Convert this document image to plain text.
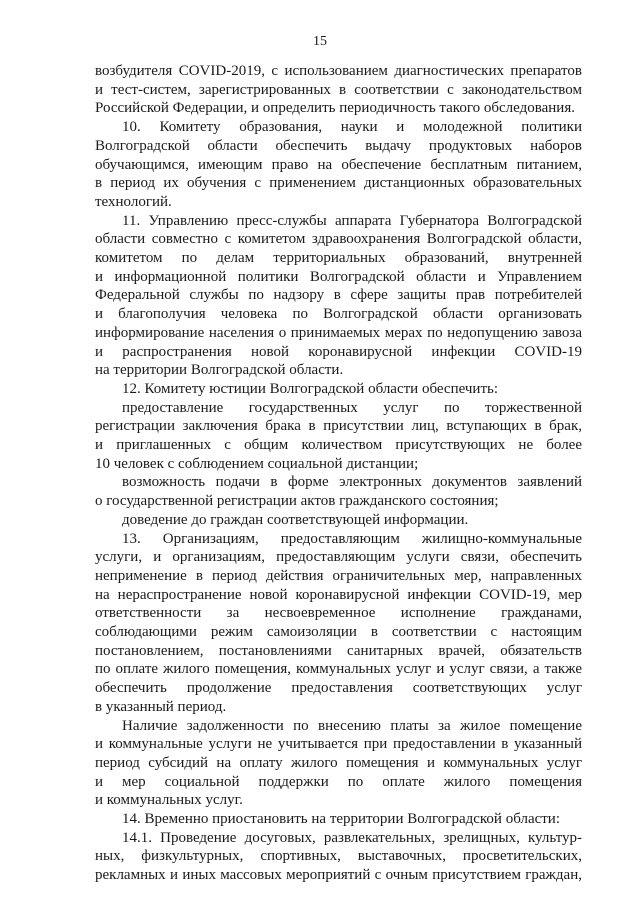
15
возбудителя COVID-2019, с использованием диагностических препаратов
и тест-систем, зарегистрированных в соответствии с законодательством
Российской Федерации, и определить периодичность такого обследования.
10. Комитету образования, науки и молодежной политики
Волгоградской области обеспечить выдачу продуктовых наборов
обучающимся, имеющим право на обеспечение бесплатным питанием,
в период их обучения с применением дистанционных образовательных
технологий.
11. Управлению пресс-службы аппарата Губернатора Волгоградской
области совместно с комитетом здравоохранения Волгоградской области,
комитетом по делам территориальных образований, внутренней
и информационной политики Волгоградской области и Управлением
Федеральной службы по надзору в сфере защиты прав потребителей
и благополучия человека по Волгоградской области организовать
информирование населения о принимаемых мерах по недопущению завоза
и распространения новой коронавирусной инфекции COVID-19
на территории Волгоградской области.
12. Комитету юстиции Волгоградской области обеспечить:
предоставление государственных услуг по торжественной
регистрации заключения брака в присутствии лиц, вступающих в брак,
и приглашенных с общим количеством присутствующих не более
10 человек с соблюдением социальной дистанции;
возможность подачи в форме электронных документов заявлений
о государственной регистрации актов гражданского состояния;
доведение до граждан соответствующей информации.
13. Организациям, предоставляющим жилищно-коммунальные
услуги, и организациям, предоставляющим услуги связи, обеспечить
неприменение в период действия ограничительных мер, направленных
на нераспространение новой коронавирусной инфекции COVID-19, мер
ответственности за несвоевременное исполнение гражданами,
соблюдающими режим самоизоляции в соответствии с настоящим
постановлением, постановлениями санитарных врачей, обязательств
по оплате жилого помещения, коммунальных услуг и услуг связи, а также
обеспечить продолжение предоставления соответствующих услуг
в указанный период.
Наличие задолженности по внесению платы за жилое помещение
и коммунальные услуги не учитывается при предоставлении в указанный
период субсидий на оплату жилого помещения и коммунальных услуг
и мер социальной поддержки по оплате жилого помещения
и коммунальных услуг.
14. Временно приостановить на территории Волгоградской области:
14.1. Проведение досуговых, развлекательных, зрелищных, культур-
ных, физкультурных, спортивных, выставочных, просветительских,
рекламных и иных массовых мероприятий с очным присутствием граждан,
